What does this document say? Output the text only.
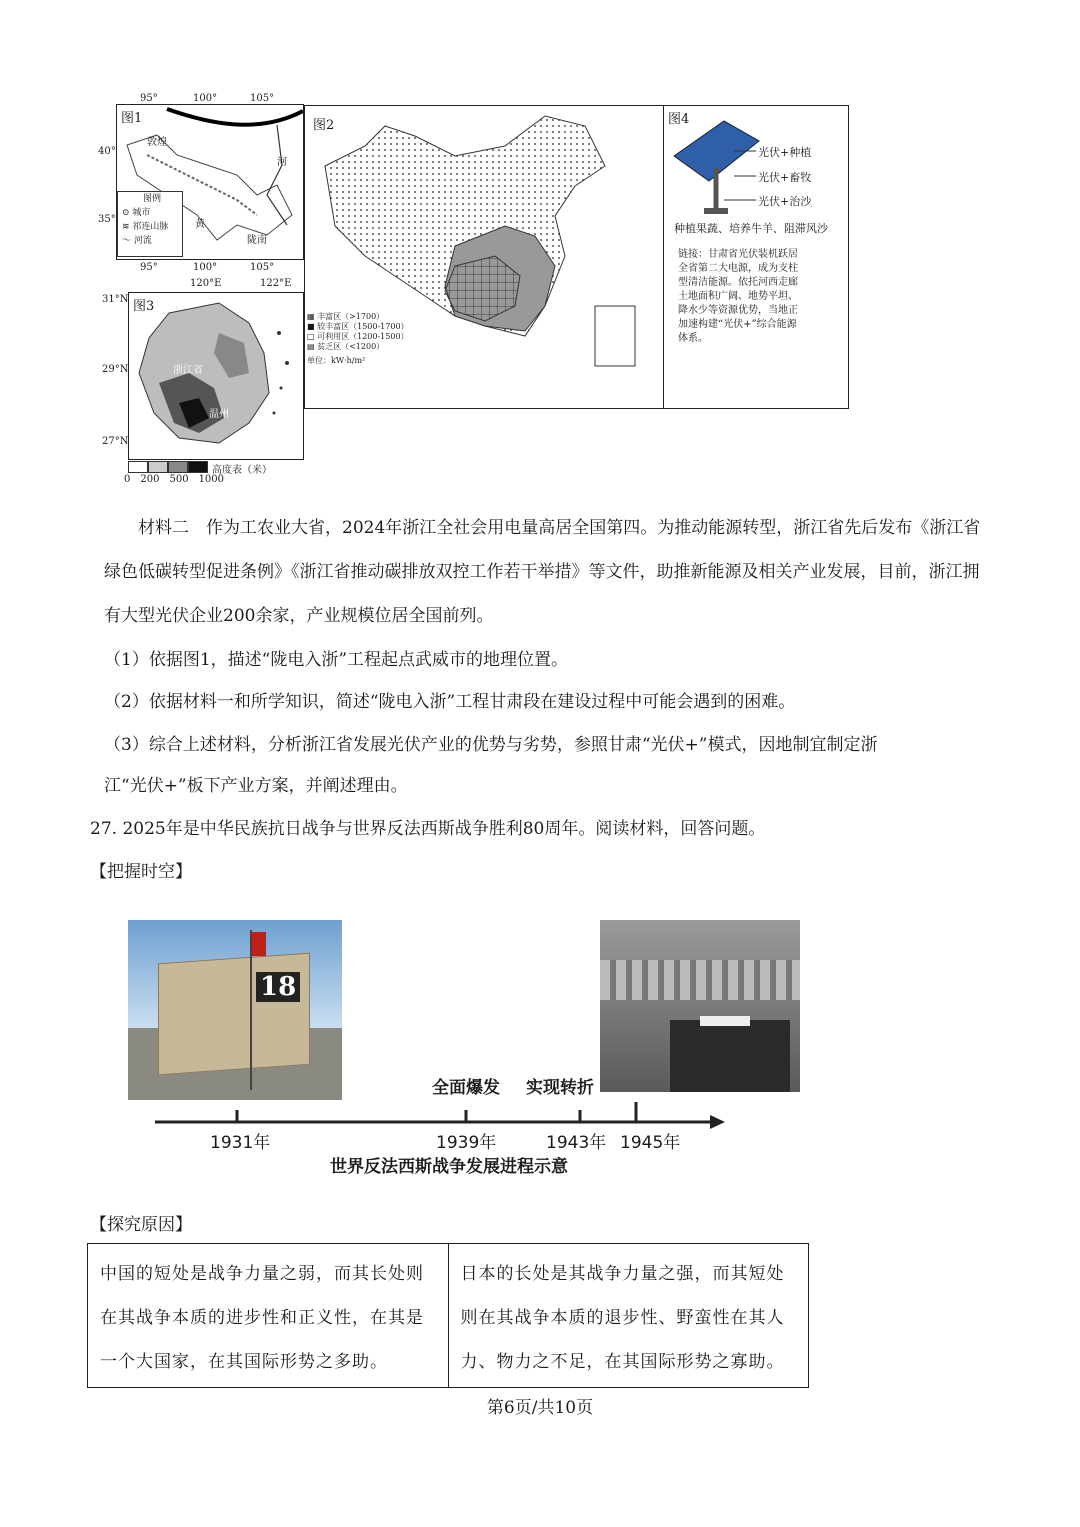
图1
敦煌
河
黄
陇南
图例
⊙ 城市
≋ 祁连山脉
～ 河流
95°	100°	105°
40°
35°
95°	100°	105°
120°E	122°E
31°N
29°N
27°N
图3
浙江省
温州
高度表（米）
0 200 500 1000
图2
▦ 丰富区（>1700）
■ 较丰富区（1500-1700）
□ 可利用区（1200-1500）
▤ 贫乏区（<1200）
单位：kW·h/m²
图4
光伏+种植
光伏+畜牧
光伏+治沙
种植果蔬、培养牛羊、阻滞风沙
链接：甘肃省光伏装机跃居全省第二大电源，成为支柱型清洁能源。依托河西走廊土地面积广阔、地势平坦、降水少等资源优势，当地正加速构建“光伏+”综合能源体系。
材料二　作为工农业大省，2024年浙江全社会用电量高居全国第四。为推动能源转型，浙江省先后发布《浙江省绿色低碳转型促进条例》《浙江省推动碳排放双控工作若干举措》等文件，助推新能源及相关产业发展，目前，浙江拥有大型光伏企业200余家，产业规模位居全国前列。
（1）依据图1，描述“陇电入浙”工程起点武威市的地理位置。
（2）依据材料一和所学知识，简述“陇电入浙”工程甘肃段在建设过程中可能会遇到的困难。
（3）综合上述材料，分析浙江省发展光伏产业的优势与劣势，参照甘肃“光伏+”模式，因地制宜制定浙
江“光伏+”板下产业方案，并阐述理由。
27. 2025年是中华民族抗日战争与世界反法西斯战争胜利80周年。阅读材料，回答问题。
【把握时空】
18
全面爆发 实现转折
1931年	1939年	1943年 1945年
世界反法西斯战争发展进程示意
【探究原因】
中国的短处是战争力量之弱，而其长处则在其战争本质的进步性和正义性，在其是一个大国家，在其国际形势之多助。
日本的长处是其战争力量之强，而其短处则在其战争本质的退步性、野蛮性在其人力、物力之不足，在其国际形势之寡助。
第6页/共10页
